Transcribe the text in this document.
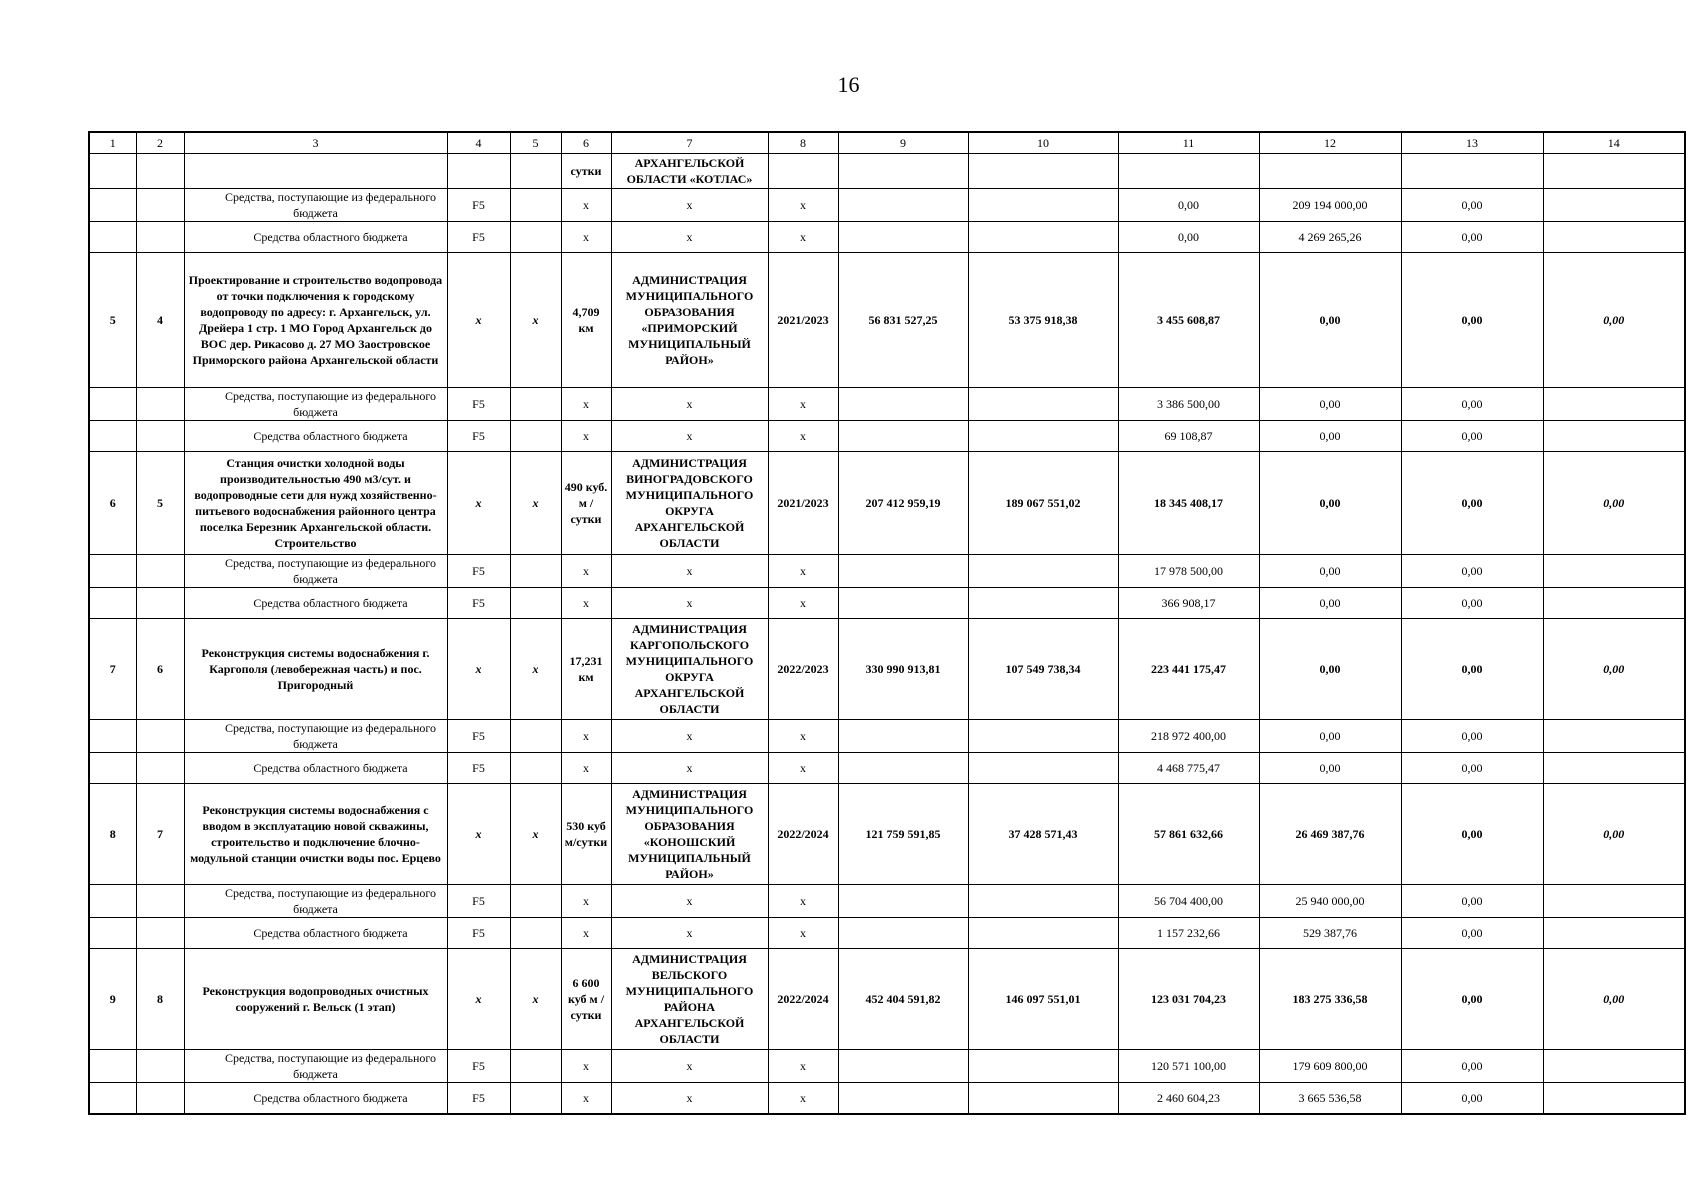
16
1	2	3	4	5	6	7	8	9	10	11	12	13	14
					сутки	АРХАНГЕЛЬСКОЙ ОБЛАСТИ «КОТЛАС»							
		Средства, поступающие из федерального бюджета	F5		x	x	x			0,00	209 194 000,00	0,00	
		Средства областного бюджета	F5		x	x	x			0,00	4 269 265,26	0,00	
5	4	Проектирование и строительство водопровода от точки подключения к городскому водопроводу по адресу: г. Архангельск, ул. Дрейера 1 стр. 1 МО Город Архангельск до ВОС дер. Рикасово д. 27 МО Заостровское Приморского района Архангельской области	x	x	4,709 км	АДМИНИСТРАЦИЯ МУНИЦИПАЛЬНОГО ОБРАЗОВАНИЯ «ПРИМОРСКИЙ МУНИЦИПАЛЬНЫЙ РАЙОН»	2021/2023	56 831 527,25	53 375 918,38	3 455 608,87	0,00	0,00	0,00
		Средства, поступающие из федерального бюджета	F5		x	x	x			3 386 500,00	0,00	0,00	
		Средства областного бюджета	F5		x	x	x			69 108,87	0,00	0,00	
6	5	Станция очистки холодной воды производительностью 490 м3/сут. и водопроводные сети для нужд хозяйственно-питьевого водоснабжения районного центра поселка Березник Архангельской области. Строительство	x	x	490 куб. м / сутки	АДМИНИСТРАЦИЯ ВИНОГРАДОВСКОГО МУНИЦИПАЛЬНОГО ОКРУГА АРХАНГЕЛЬСКОЙ ОБЛАСТИ	2021/2023	207 412 959,19	189 067 551,02	18 345 408,17	0,00	0,00	0,00
		Средства, поступающие из федерального бюджета	F5		x	x	x			17 978 500,00	0,00	0,00	
		Средства областного бюджета	F5		x	x	x			366 908,17	0,00	0,00	
7	6	Реконструкция системы водоснабжения г. Каргополя (левобережная часть) и пос. Пригородный	x	x	17,231 км	АДМИНИСТРАЦИЯ КАРГОПОЛЬСКОГО МУНИЦИПАЛЬНОГО ОКРУГА АРХАНГЕЛЬСКОЙ ОБЛАСТИ	2022/2023	330 990 913,81	107 549 738,34	223 441 175,47	0,00	0,00	0,00
		Средства, поступающие из федерального бюджета	F5		x	x	x			218 972 400,00	0,00	0,00	
		Средства областного бюджета	F5		x	x	x			4 468 775,47	0,00	0,00	
8	7	Реконструкция системы водоснабжения с вводом в эксплуатацию новой скважины, строительство и подключение блочно-модульной станции очистки воды пос. Ерцево	x	x	530 куб м/сутки	АДМИНИСТРАЦИЯ МУНИЦИПАЛЬНОГО ОБРАЗОВАНИЯ «КОНОШСКИЙ МУНИЦИПАЛЬНЫЙ РАЙОН»	2022/2024	121 759 591,85	37 428 571,43	57 861 632,66	26 469 387,76	0,00	0,00
		Средства, поступающие из федерального бюджета	F5		x	x	x			56 704 400,00	25 940 000,00	0,00	
		Средства областного бюджета	F5		x	x	x			1 157 232,66	529 387,76	0,00	
9	8	Реконструкция водопроводных очистных сооружений г. Вельск (1 этап)	x	x	6 600 куб м / сутки	АДМИНИСТРАЦИЯ ВЕЛЬСКОГО МУНИЦИПАЛЬНОГО РАЙОНА АРХАНГЕЛЬСКОЙ ОБЛАСТИ	2022/2024	452 404 591,82	146 097 551,01	123 031 704,23	183 275 336,58	0,00	0,00
		Средства, поступающие из федерального бюджета	F5		x	x	x			120 571 100,00	179 609 800,00	0,00	
		Средства областного бюджета	F5		x	x	x			2 460 604,23	3 665 536,58	0,00	
